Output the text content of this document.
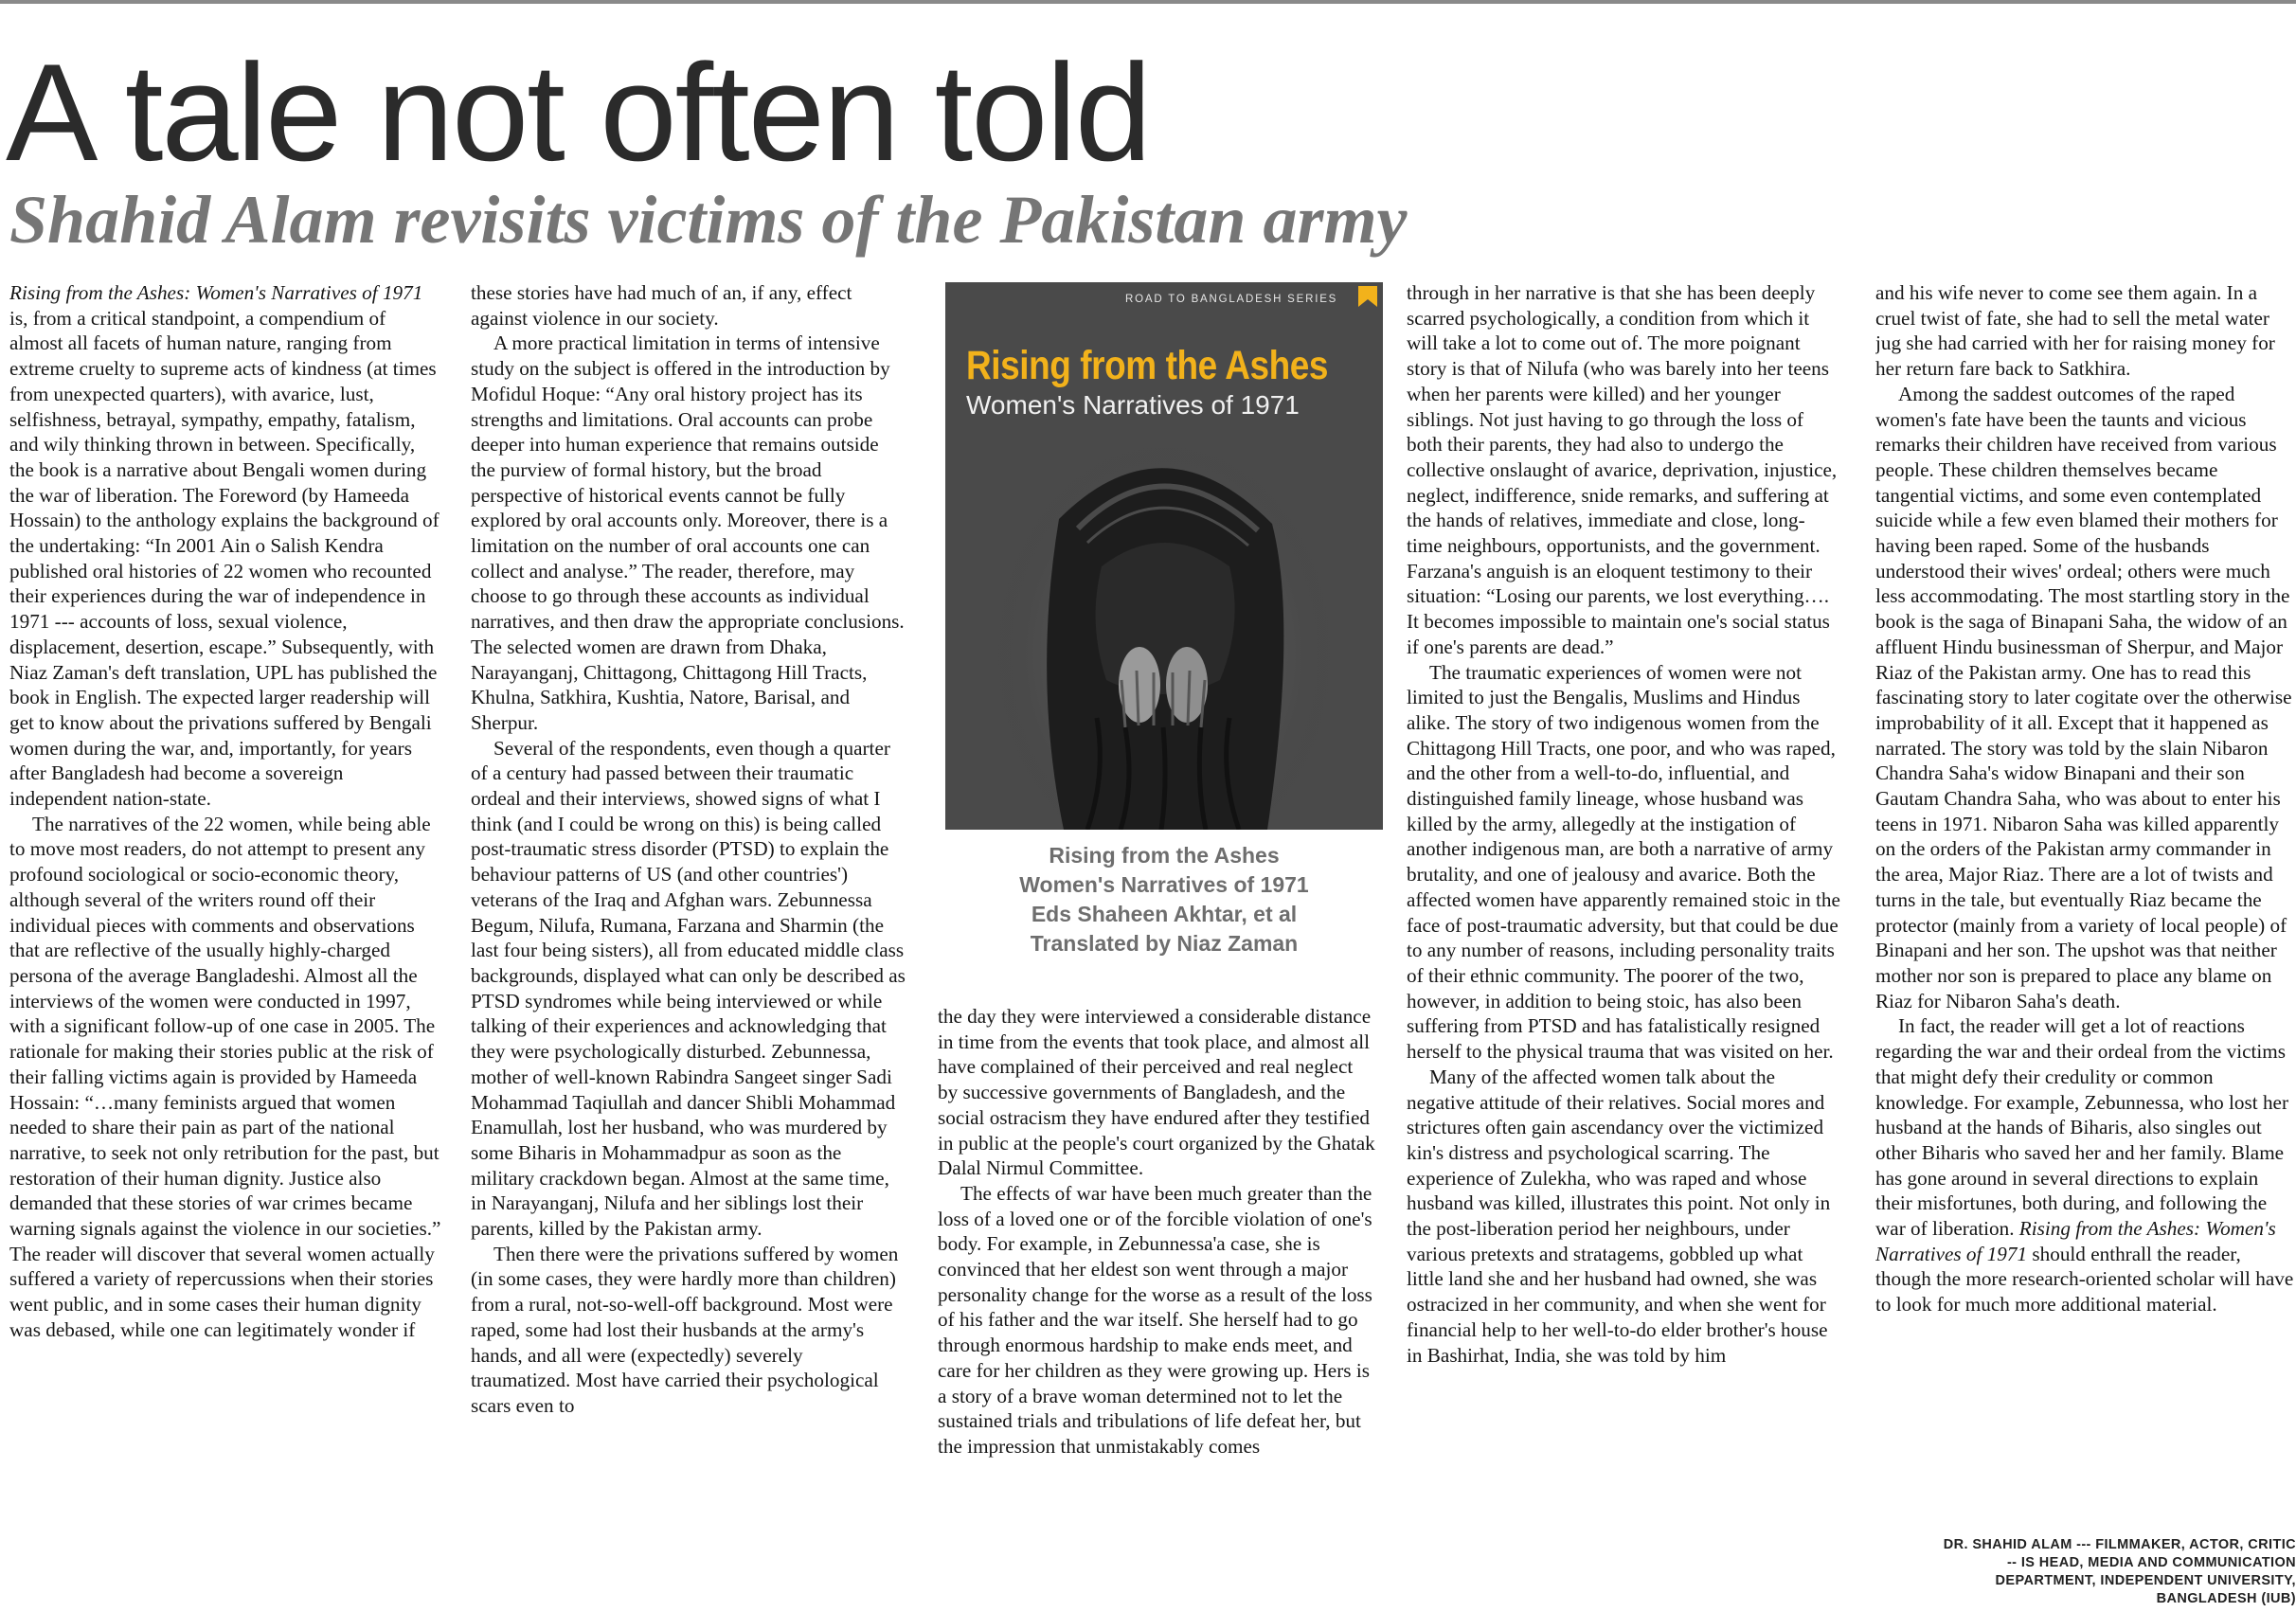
A tale not often told
Shahid Alam revisits victims of the Pakistan army

Rising from the Ashes: Women's Narratives of 1971 is, from a critical standpoint, a compendium of almost all facets of human nature, ranging from extreme cruelty to supreme acts of kindness (at times from unexpected quarters), with avarice, lust, selfishness, betrayal, sympathy, empathy, fatalism, and wily thinking thrown in between. Specifically, the book is a narrative about Bengali women during the war of liberation. The Foreword (by Hameeda Hossain) to the anthology explains the background of the undertaking: “In 2001 Ain o Salish Kendra published oral histories of 22 women who recounted their experiences during the war of independence in 1971 --- accounts of loss, sexual violence, displacement, desertion, escape.” Subsequently, with Niaz Zaman's deft translation, UPL has published the book in English. The expected larger readership will get to know about the privations suffered by Bengali women during the war, and, importantly, for years after Bangladesh had become a sovereign independent nation-state.

The narratives of the 22 women, while being able to move most readers, do not attempt to present any profound sociological or socio-economic theory, although several of the writers round off their individual pieces with comments and observations that are reflective of the usually highly-charged persona of the average Bangladeshi. Almost all the interviews of the women were conducted in 1997, with a significant follow-up of one case in 2005. The rationale for making their stories public at the risk of their falling victims again is provided by Hameeda Hossain: “…many feminists argued that women needed to share their pain as part of the national narrative, to seek not only retribution for the past, but restoration of their human dignity. Justice also demanded that these stories of war crimes became warning signals against the violence in our societies.” The reader will discover that several women actually suffered a variety of repercussions when their stories went public, and in some cases their human dignity was debased, while one can legitimately wonder if

these stories have had much of an, if any, effect against violence in our society.

A more practical limitation in terms of intensive study on the subject is offered in the introduction by Mofidul Hoque: “Any oral history project has its strengths and limitations. Oral accounts can probe deeper into human experience that remains outside the purview of formal history, but the broad perspective of historical events cannot be fully explored by oral accounts only. Moreover, there is a limitation on the number of oral accounts one can collect and analyse.” The reader, therefore, may choose to go through these accounts as individual narratives, and then draw the appropriate conclusions. The selected women are drawn from Dhaka, Narayanganj, Chittagong, Chittagong Hill Tracts, Khulna, Satkhira, Kushtia, Natore, Barisal, and Sherpur.

Several of the respondents, even though a quarter of a century had passed between their traumatic ordeal and their interviews, showed signs of what I think (and I could be wrong on this) is being called post-traumatic stress disorder (PTSD) to explain the behaviour patterns of US (and other countries') veterans of the Iraq and Afghan wars. Zebunnessa Begum, Nilufa, Rumana, Farzana and Sharmin (the last four being sisters), all from educated middle class backgrounds, displayed what can only be described as PTSD syndromes while being interviewed or while talking of their experiences and acknowledging that they were psychologically disturbed. Zebunnessa, mother of well-known Rabindra Sangeet singer Sadi Mohammad Taqiullah and dancer Shibli Mohammad Enamullah, lost her husband, who was murdered by some Biharis in Mohammadpur as soon as the military crackdown began. Almost at the same time, in Narayanganj, Nilufa and her siblings lost their parents, killed by the Pakistan army.

Then there were the privations suffered by women (in some cases, they were hardly more than children) from a rural, not-so-well-off background. Most were raped, some had lost their husbands at the army's hands, and all were (expectedly) severely traumatized. Most have carried their psychological scars even to

ROAD TO BANGLADESH SERIES
Rising from the Ashes
Women's Narratives of 1971
Rising from the Ashes
Women's Narratives of 1971
Eds Shaheen Akhtar, et al
Translated by Niaz Zaman

the day they were interviewed a considerable distance in time from the events that took place, and almost all have complained of their perceived and real neglect by successive governments of Bangladesh, and the social ostracism they have endured after they testified in public at the people's court organized by the Ghatak Dalal Nirmul Committee.

The effects of war have been much greater than the loss of a loved one or of the forcible violation of one's body. For example, in Zebunnessa'a case, she is convinced that her eldest son went through a major personality change for the worse as a result of the loss of his father and the war itself. She herself had to go through enormous hardship to make ends meet, and care for her children as they were growing up. Hers is a story of a brave woman determined not to let the sustained trials and tribulations of life defeat her, but the impression that unmistakably comes

through in her narrative is that she has been deeply scarred psychologically, a condition from which it will take a lot to come out of. The more poignant story is that of Nilufa (who was barely into her teens when her parents were killed) and her younger siblings. Not just having to go through the loss of both their parents, they had also to undergo the collective onslaught of avarice, deprivation, injustice, neglect, indifference, snide remarks, and suffering at the hands of relatives, immediate and close, long-time neighbours, opportunists, and the government. Farzana's anguish is an eloquent testimony to their situation: “Losing our parents, we lost everything…. It becomes impossible to maintain one's social status if one's parents are dead.”

The traumatic experiences of women were not limited to just the Bengalis, Muslims and Hindus alike. The story of two indigenous women from the Chittagong Hill Tracts, one poor, and who was raped, and the other from a well-to-do, influential, and distinguished family lineage, whose husband was killed by the army, allegedly at the instigation of another indigenous man, are both a narrative of army brutality, and one of jealousy and avarice. Both the affected women have apparently remained stoic in the face of post-traumatic adversity, but that could be due to any number of reasons, including personality traits of their ethnic community. The poorer of the two, however, in addition to being stoic, has also been suffering from PTSD and has fatalistically resigned herself to the physical trauma that was visited on her.

Many of the affected women talk about the negative attitude of their relatives. Social mores and strictures often gain ascendancy over the victimized kin's distress and psychological scarring. The experience of Zulekha, who was raped and whose husband was killed, illustrates this point. Not only in the post-liberation period her neighbours, under various pretexts and stratagems, gobbled up what little land she and her husband had owned, she was ostracized in her community, and when she went for financial help to her well-to-do elder brother's house in Bashirhat, India, she was told by him

and his wife never to come see them again. In a cruel twist of fate, she had to sell the metal water jug she had carried with her for raising money for her return fare back to Satkhira.

Among the saddest outcomes of the raped women's fate have been the taunts and vicious remarks their children have received from various people. These children themselves became tangential victims, and some even contemplated suicide while a few even blamed their mothers for having been raped. Some of the husbands understood their wives' ordeal; others were much less accommodating. The most startling story in the book is the saga of Binapani Saha, the widow of an affluent Hindu businessman of Sherpur, and Major Riaz of the Pakistan army. One has to read this fascinating story to later cogitate over the otherwise improbability of it all. Except that it happened as narrated. The story was told by the slain Nibaron Chandra Saha's widow Binapani and their son Gautam Chandra Saha, who was about to enter his teens in 1971. Nibaron Saha was killed apparently on the orders of the Pakistan army commander in the area, Major Riaz. There are a lot of twists and turns in the tale, but eventually Riaz became the protector (mainly from a variety of local people) of Binapani and her son. The upshot was that neither mother nor son is prepared to place any blame on Riaz for Nibaron Saha's death.

In fact, the reader will get a lot of reactions regarding the war and their ordeal from the victims that might defy their credulity or common knowledge. For example, Zebunnessa, who lost her husband at the hands of Biharis, also singles out other Biharis who saved her and her family. Blame has gone around in several directions to explain their misfortunes, both during, and following the war of liberation. Rising from the Ashes: Women's Narratives of 1971 should enthrall the reader, though the more research-oriented scholar will have to look for much more additional material.

DR. SHAHID ALAM --- FILMMAKER, ACTOR, CRITIC
-- IS HEAD, MEDIA AND COMMUNICATION
DEPARTMENT, INDEPENDENT UNIVERSITY,
BANGLADESH (IUB)
